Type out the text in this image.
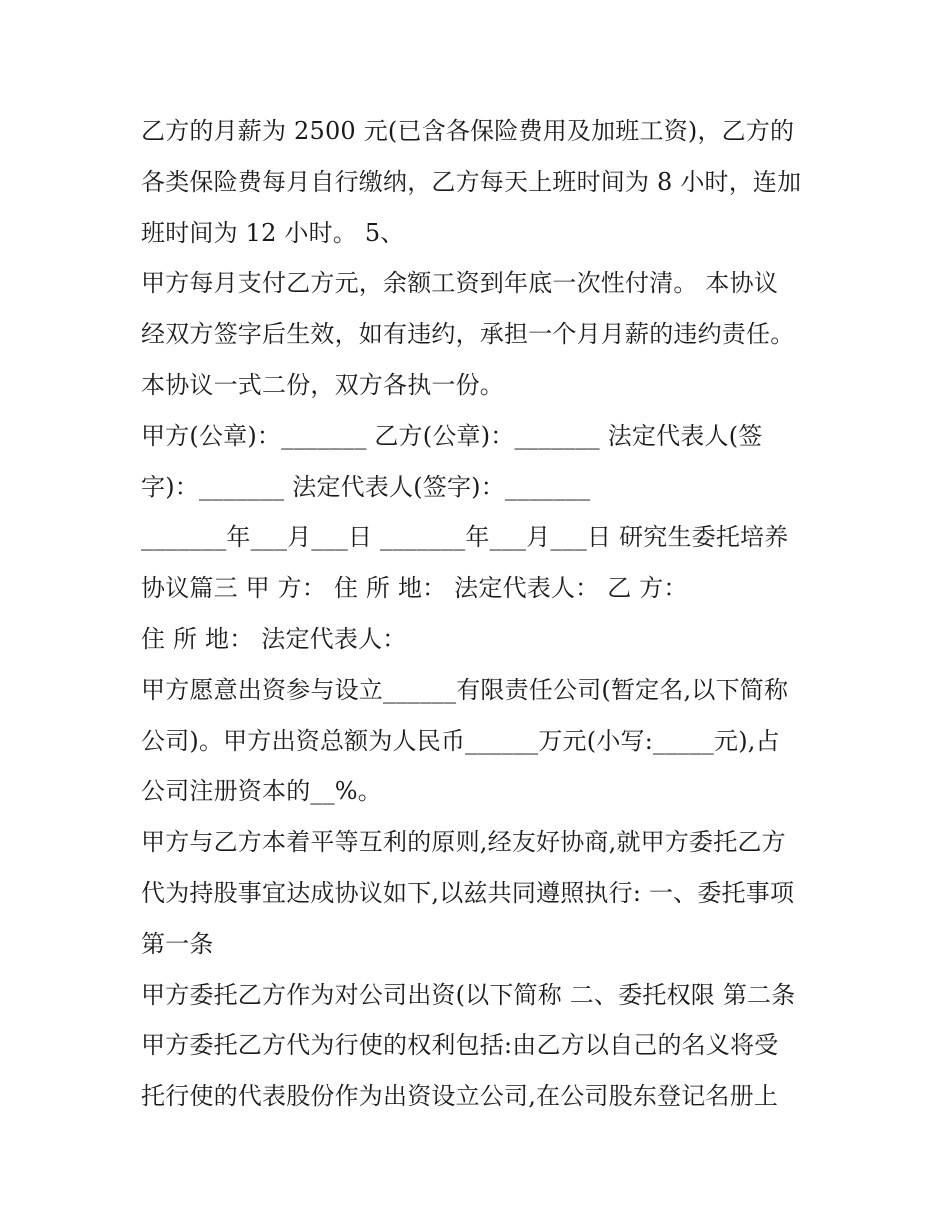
乙方的月薪为 2500 元(已含各保险费用及加班工资)，乙方的
各类保险费每月自行缴纳，乙方每天上班时间为 8 小时，连加
班时间为 12 小时。 5、
甲方每月支付乙方元，余额工资到年底一次性付清。 本协议
经双方签字后生效，如有违约，承担一个月月薪的违约责任。
本协议一式二份，双方各执一份。
甲方(公章)：_______ 乙方(公章)：_______ 法定代表人(签
字)：_______ 法定代表人(签字)：_______
_______年___月___日 _______年___月___日 研究生委托培养
协议篇三 甲 方： 住 所 地： 法定代表人： 乙 方：
住 所 地： 法定代表人：
甲方愿意出资参与设立______有限责任公司(暂定名,以下简称
公司)。甲方出资总额为人民币______万元(小写:_____元),占
公司注册资本的__%。
甲方与乙方本着平等互利的原则,经友好协商,就甲方委托乙方
代为持股事宜达成协议如下,以兹共同遵照执行: 一、委托事项
第一条
甲方委托乙方作为对公司出资(以下简称 二、委托权限 第二条
甲方委托乙方代为行使的权利包括:由乙方以自己的名义将受
托行使的代表股份作为出资设立公司,在公司股东登记名册上
